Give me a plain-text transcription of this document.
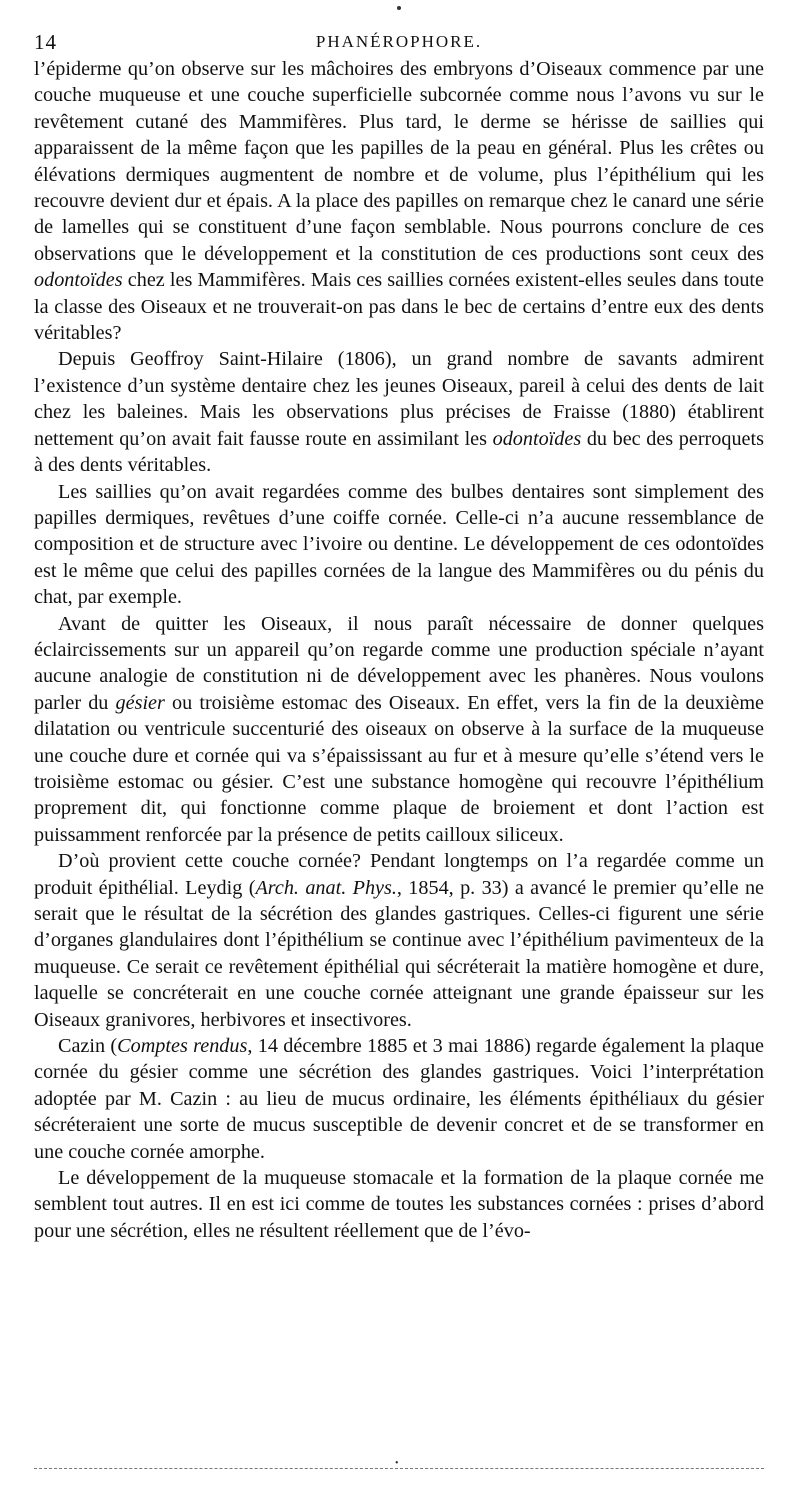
14	PHANÉROPHORE.

l’épiderme qu’on observe sur les mâchoires des embryons d’Oiseaux commence par une couche muqueuse et une couche superficielle subcornée comme nous l’avons vu sur le revêtement cutané des Mammifères. Plus tard, le derme se hérisse de saillies qui apparaissent de la même façon que les papilles de la peau en général. Plus les crêtes ou élévations dermiques augmentent de nombre et de volume, plus l’épithélium qui les recouvre devient dur et épais. A la place des papilles on remarque chez le canard une série de lamelles qui se constituent d’une façon semblable. Nous pourrons conclure de ces observations que le développement et la constitution de ces productions sont ceux des odontoïdes chez les Mammifères. Mais ces saillies cornées existent-elles seules dans toute la classe des Oiseaux et ne trouverait-on pas dans le bec de certains d’entre eux des dents véritables?

Depuis Geoffroy Saint-Hilaire (1806), un grand nombre de savants admirent l’existence d’un système dentaire chez les jeunes Oiseaux, pareil à celui des dents de lait chez les baleines. Mais les observations plus précises de Fraisse (1880) établirent nettement qu’on avait fait fausse route en assimilant les odontoïdes du bec des perroquets à des dents véritables.

Les saillies qu’on avait regardées comme des bulbes dentaires sont simplement des papilles dermiques, revêtues d’une coiffe cornée. Celle-ci n’a aucune ressemblance de composition et de structure avec l’ivoire ou dentine. Le développement de ces odontoïdes est le même que celui des papilles cornées de la langue des Mammifères ou du pénis du chat, par exemple.

Avant de quitter les Oiseaux, il nous paraît nécessaire de donner quelques éclaircissements sur un appareil qu’on regarde comme une production spéciale n’ayant aucune analogie de constitution ni de développement avec les phanères. Nous voulons parler du gésier ou troisième estomac des Oiseaux. En effet, vers la fin de la deuxième dilatation ou ventricule succenturié des oiseaux on observe à la surface de la muqueuse une couche dure et cornée qui va s’épaississant au fur et à mesure qu’elle s’étend vers le troisième estomac ou gésier. C’est une substance homogène qui recouvre l’épithélium proprement dit, qui fonctionne comme plaque de broiement et dont l’action est puissamment renforcée par la présence de petits cailloux siliceux.

D’où provient cette couche cornée? Pendant longtemps on l’a regardée comme un produit épithélial. Leydig (Arch. anat. Phys., 1854, p. 33) a avancé le premier qu’elle ne serait que le résultat de la sécrétion des glandes gastriques. Celles-ci figurent une série d’organes glandulaires dont l’épithélium se continue avec l’épithélium pavimenteux de la muqueuse. Ce serait ce revêtement épithélial qui sécréterait la matière homogène et dure, laquelle se concréterait en une couche cornée atteignant une grande épaisseur sur les Oiseaux granivores, herbivores et insectivores.

Cazin (Comptes rendus, 14 décembre 1885 et 3 mai 1886) regarde également la plaque cornée du gésier comme une sécrétion des glandes gastriques. Voici l’interprétation adoptée par M. Cazin : au lieu de mucus ordinaire, les éléments épithéliaux du gésier sécréteraient une sorte de mucus susceptible de devenir concret et de se transformer en une couche cornée amorphe.

Le développement de la muqueuse stomacale et la formation de la plaque cornée me semblent tout autres. Il en est ici comme de toutes les substances cornées : prises d’abord pour une sécrétion, elles ne résultent réellement que de l’évo-

•
